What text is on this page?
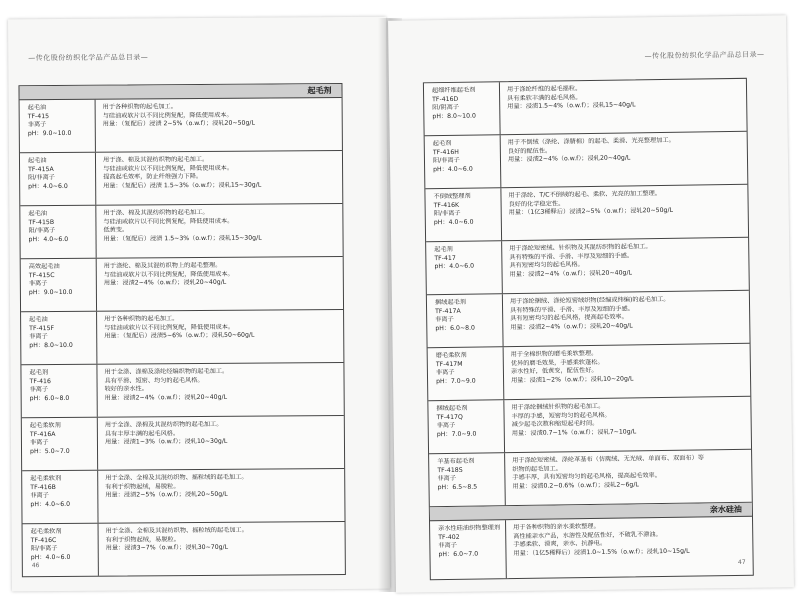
—传化股份纺织化学品产品总目录—
起毛剂
起毛油
TF-415
非离子
pH：9.0~10.0
用于各种织物的起毛加工。
与硅油或软片以不同比例复配，降低使用成本。
用量：（复配后）浸渍 2~5%（o.w.f）；浸轧20~50g/L
起毛油
TF-415A
阳/非离子
pH：4.0~6.0
用于涤、棉及其混纺织物的起毛加工。
与硅油或软片以不同比例复配，降低使用成本。
提高起毛效率，防止纤维强力下降。
用量：（复配后）浸渍 1.5~3%（o.w.f）；浸轧15~30g/L
起毛油
TF-415B
阳/非离子
pH：4.0~6.0
用于涤、棉及其混纺织物的起毛加工。
与硅油或软片以不同比例复配，降低使用成本。
低黄变。
用量：（复配后）浸渍 1.5~3%（o.w.f）；浸轧15~30g/L
高效起毛油
TF-415C
非离子
pH：9.0~10.0
用于涤纶、棉及其混纺织物上的起毛整理。
与硅油或软片以不同比例复配，降低使用成本。
用量：浸渍2~4%（o.w.f）；浸轧20~40g/L
起毛油
TF-415F
非离子
pH：8.0~10.0
用于各种织物的起毛加工。
与硅油或软片以不同比例复配，降低使用成本。
用量：（复配后）浸渍5~6%（o.w.f）；浸轧50~60g/L
起毛剂
TF-416
非离子
pH：6.0~8.0
用于全涤、涤棉及涤纶经编织物的起毛加工。
具有平滑、短密、均匀的起毛风格。
较好的亲水性。
用量：浸渍2~4%（o.w.f）；浸轧20~40g/L
起毛柔软剂
TF-416A
非离子
pH：5.0~7.0
用于全涤、涤棉及其混纺织物的起毛加工。
具有丰厚丰满的起毛风格。
用量：浸渍1~3%（o.w.f）；浸轧10~30g/L
起毛柔软剂
TF-416B
非离子
pH：4.0~6.0
用于全涤、全棉及其混纺织物、摇粒绒的起毛加工。
有利于织物起绒，易脱粒。
用量：浸渍2~5%（o.w.f）；浸轧20~50g/L
起毛柔软剂
TF-416C
阳/非离子
pH：4.0~6.0
用于全涤、全棉及其混纺织物、摇粒绒的起毛加工。
有利于织物起绒，易脱粒。
用量：浸渍3~7%（o.w.f）；浸轧30~70g/L
46
—传化股份纺织化学品产品总目录—
超细纤维起毛剂
TF-416D
阳/阴离子
pH：8.0~10.0
用于涤纶纤维的起毛摇粒。
具有柔软丰满的起毛风格。
用量：浸渍1.5~4%（o.w.f）；浸轧15~40g/L
起毛剂
TF-416H
阳/非离子
pH：4.0~6.0
用于不倒绒（涤纶、涤腈棉）的起毛、柔滑、光亮整理加工。
良好的配伍性。
用量：浸渍2~4%（o.w.f）；浸轧20~40g/L
不倒绒整理剂
TF-416K
阳/非离子
pH：4.0~6.0
用于涤纶、T/C不倒绒的起毛、柔软、光亮的加工整理。
良好的化学稳定性。
用量：（1亿3稀释后）浸渍2~5%（o.w.f）；浸轧20~50g/L
起毛剂
TF-417
pH：4.0~6.0
用于涤纶短密绒、针织物及其混纺织物的起毛加工。
具有特殊的平滑、手滑、丰厚及短细的手感。
具有短密均匀的起毛风格。
用量：浸渍2~4%（o.w.f）；浸轧20~40g/L
捆绒起毛剂
TF-417A
非离子
pH：6.0~8.0
用于涤纶捆绒、涤纶短密绒织物(经编或纬编)的起毛加工。
具有特殊的平滑、手滑、丰厚及短细的手感。
具有短密均匀的起毛风格，提高起毛效率。
用量：浸渍2~4%（o.w.f）；浸轧20~40g/L
磨毛柔软剂
TF-417M
非离子
pH：7.0~9.0
用于全棉织物的磨毛柔软整理。
优异的磨毛效果，手感柔软蓬松。
亲水性好，低黄变，配伍性好。
用量：浸渍1~2%（o.w.f）；浸轧10~20g/L
捆绒起毛剂
TF-417Q
非离子
pH：7.0~9.0
用于涤纶捆绒针织物的起毛加工。
丰厚的手感，短密均匀的起毛风格。
减少起毛次数和缩短起毛时间。
用量：浸渍0.7~1%（o.w.f）；浸轧7~10g/L
羊基布起毛剂
TF-418S
非离子
pH：6.5~8.5
用于涤纶短密绒、涤纶革基布（仿麂绒、无光绒、单面布、双面布）等
织物的起毛加工。
手感丰厚，具有短密均匀的起毛风格，提高起毛效率。
用量：浸渍0.2~0.6%（o.w.f）；浸轧2~6g/L
亲水硅油
亲水性硅油织物整理剂
TF-402
非离子
pH：6.0~7.0
用于各种织物的亲水柔软整理。
高性能亲水产品，水溶性及配伍性好，不破乳不漂油。
手感柔软、滑爽，亲水、抗静电。
用量：（1亿5稀释后）浸渍1.0~1.5%（o.w.f）；浸轧10~15g/L
47
